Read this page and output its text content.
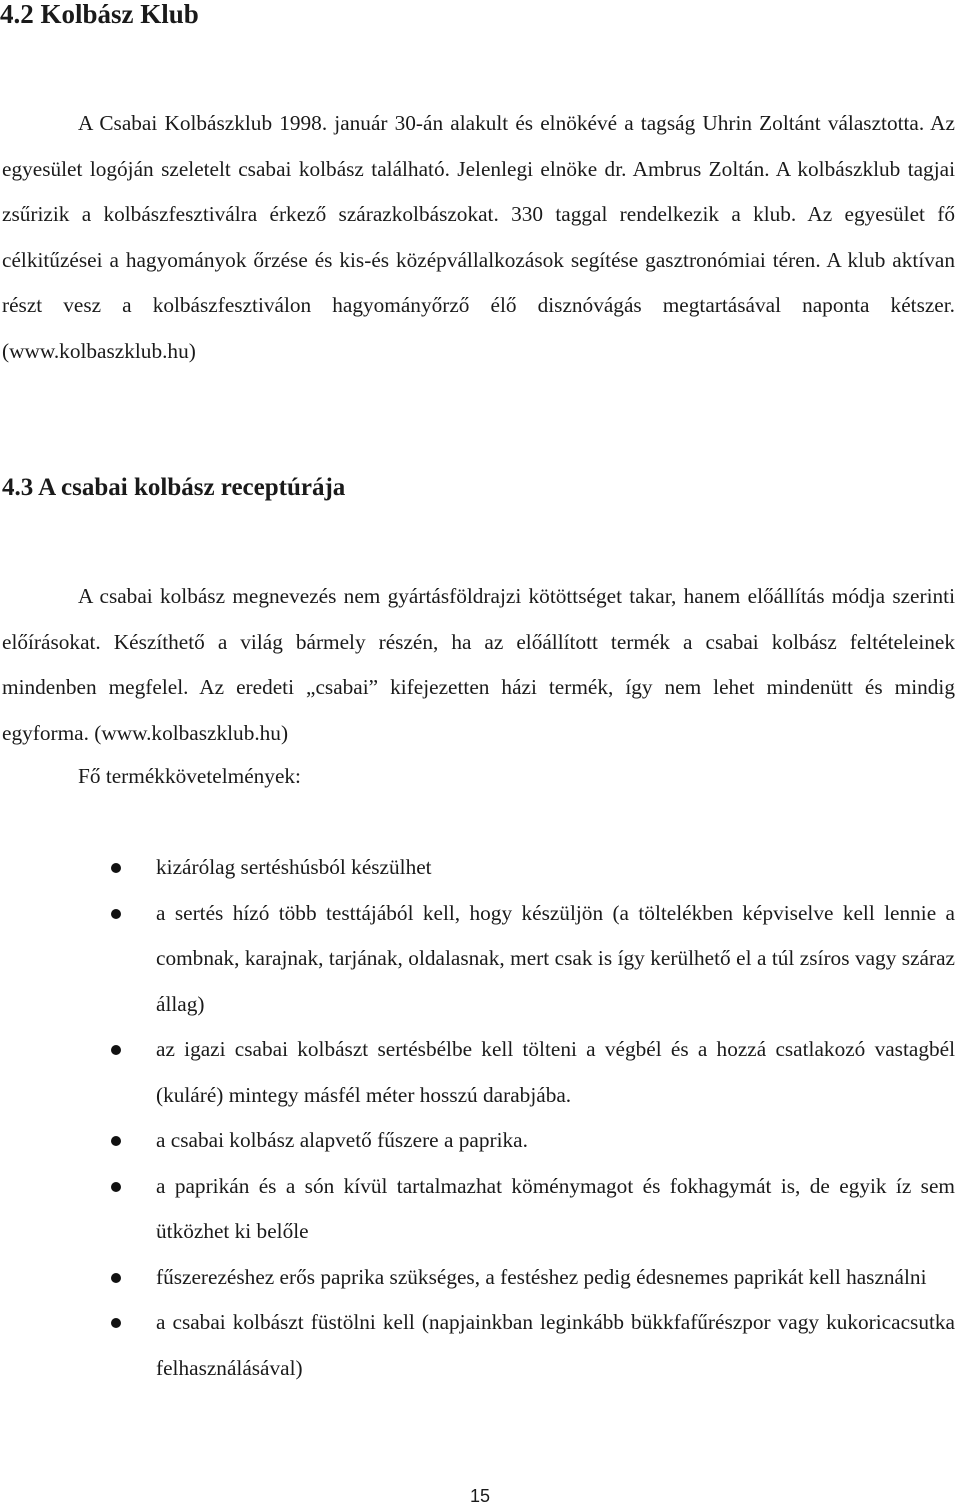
4.2 Kolbász Klub

A Csabai Kolbászklub 1998. január 30-án alakult és elnökévé a tagság Uhrin Zoltánt választotta. Az egyesület logóján szeletelt csabai kolbász található. Jelenlegi elnöke dr. Ambrus Zoltán. A kolbászklub tagjai zsűrizik a kolbászfesztiválra érkező szárazkolbászokat. 330 taggal rendelkezik a klub. Az egyesület fő célkitűzései a hagyományok őrzése és kis-és középvállalkozások segítése gasztronómiai téren. A klub aktívan részt vesz a kolbászfesztiválon hagyományőrző élő disznóvágás megtartásával naponta kétszer. (www.kolbaszklub.hu)

4.3 A csabai kolbász receptúrája

A csabai kolbász megnevezés nem gyártásföldrajzi kötöttséget takar, hanem előállítás módja szerinti előírásokat. Készíthető a világ bármely részén, ha az előállított termék a csabai kolbász feltételeinek mindenben megfelel. Az eredeti „csabai” kifejezetten házi termék, így nem lehet mindenütt és mindig egyforma. (www.kolbaszklub.hu)

Fő termékkövetelmények:

kizárólag sertéshúsból készülhet
a sertés hízó több testtájából kell, hogy készüljön (a töltelékben képviselve kell lennie a combnak, karajnak, tarjának, oldalasnak, mert csak is így kerülhető el a túl zsíros vagy száraz állag)
az igazi csabai kolbászt sertésbélbe kell tölteni a végbél és a hozzá csatlakozó vastagbél (kuláré) mintegy másfél méter hosszú darabjába.
a csabai kolbász alapvető fűszere a paprika.
a paprikán és a són kívül tartalmazhat köménymagot és fokhagymát is, de egyik íz sem ütközhet ki belőle
fűszerezéshez erős paprika szükséges, a festéshez pedig édesnemes paprikát kell használni
a csabai kolbászt füstölni kell (napjainkban leginkább bükkfafűrészpor vagy kukoricacsutka felhasználásával)
15
